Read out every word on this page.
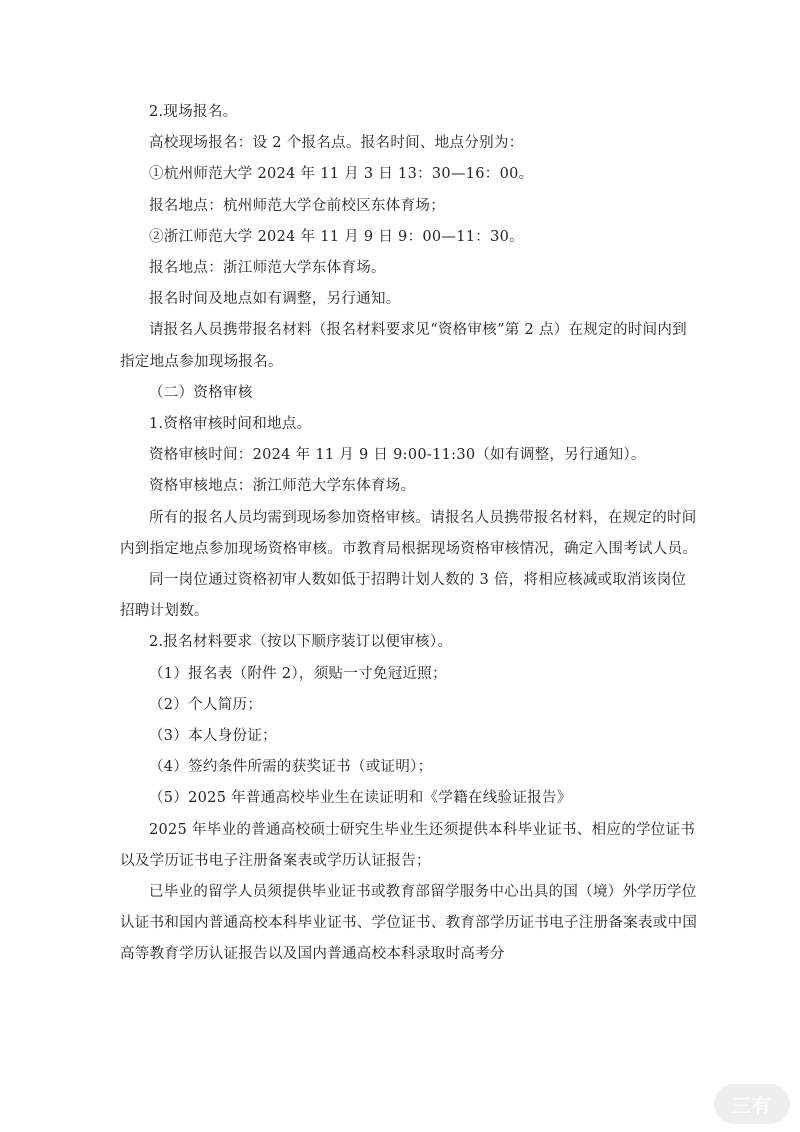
2.现场报名。

高校现场报名：设 2 个报名点。报名时间、地点分别为：

①杭州师范大学 2024 年 11 月 3 日 13：30—16：00。

报名地点：杭州师范大学仓前校区东体育场；

②浙江师范大学 2024 年 11 月 9 日 9：00—11：30。

报名地点：浙江师范大学东体育场。

报名时间及地点如有调整，另行通知。

请报名人员携带报名材料（报名材料要求见“资格审核”第 2 点）在规定的时间内到指定地点参加现场报名。

（二）资格审核

1.资格审核时间和地点。

资格审核时间：2024 年 11 月 9 日 9:00-11:30（如有调整，另行通知）。

资格审核地点：浙江师范大学东体育场。

所有的报名人员均需到现场参加资格审核。请报名人员携带报名材料，在规定的时间内到指定地点参加现场资格审核。市教育局根据现场资格审核情况，确定入围考试人员。

同一岗位通过资格初审人数如低于招聘计划人数的 3 倍，将相应核减或取消该岗位招聘计划数。

2.报名材料要求（按以下顺序装订以便审核）。

（1）报名表（附件 2），须贴一寸免冠近照；

（2）个人简历；

（3）本人身份证；

（4）签约条件所需的获奖证书（或证明）；

（5）2025 年普通高校毕业生在读证明和《学籍在线验证报告》

2025 年毕业的普通高校硕士研究生毕业生还须提供本科毕业证书、相应的学位证书以及学历证书电子注册备案表或学历认证报告；

已毕业的留学人员须提供毕业证书或教育部留学服务中心出具的国（境）外学历学位认证书和国内普通高校本科毕业证书、学位证书、教育部学历证书电子注册备案表或中国高等教育学历认证报告以及国内普通高校本科录取时高考分

三有
